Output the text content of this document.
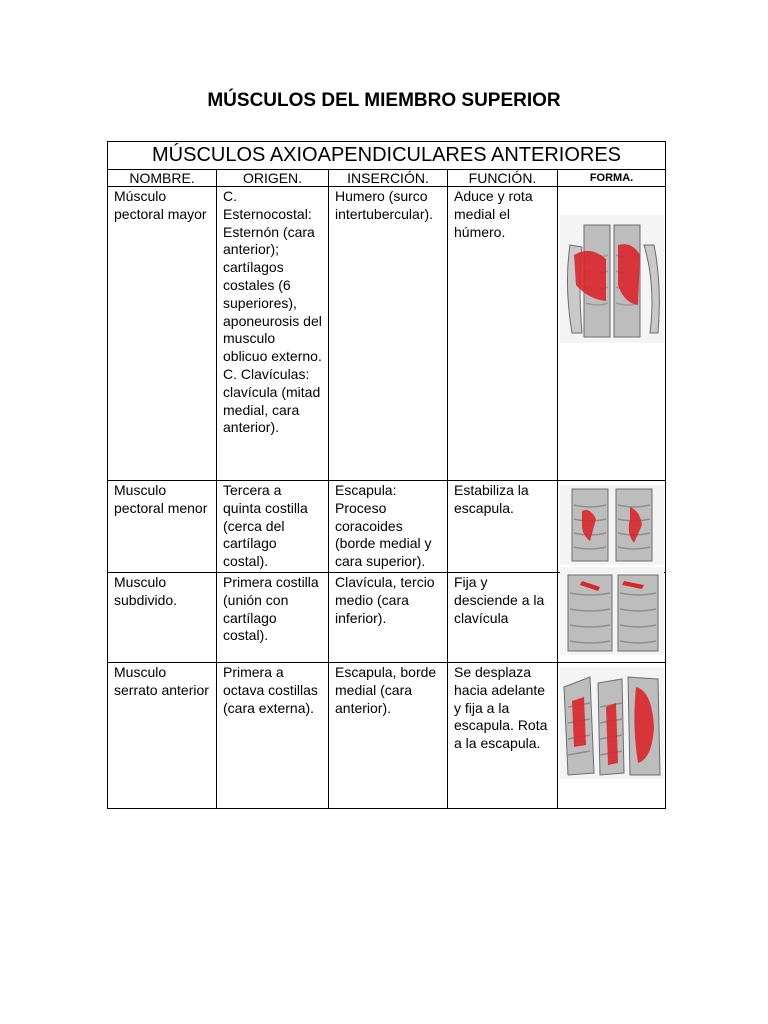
MÚSCULOS DEL MIEMBRO SUPERIOR
MÚSCULOS AXIOAPENDICULARES ANTERIORES				
NOMBRE.	ORIGEN.	INSERCIÓN.	FUNCIÓN.	FORMA.
Músculo pectoral mayor	C. Esternocostal: Esternón (cara anterior); cartílagos costales (6 superiores), aponeurosis del musculo oblicuo externo. C. Clavículas: clavícula (mitad medial, cara anterior).	Humero (surco intertubercular).	Aduce y rota medial el húmero.	

Musculo pectoral menor	Tercera a quinta costilla (cerca del cartílago costal).	Escapula: Proceso coracoides (borde medial y cara superior).	Estabiliza la escapula.	

Musculo subdivido.	Primera costilla (unión con cartílago costal).	Clavícula, tercio medio (cara inferior).	Fija y desciende a la clavícula	

Musculo serrato anterior	Primera a octava costillas (cara externa).	Escapula, borde medial (cara anterior).	Se desplaza hacia adelante y fija a la escapula. Rota a la escapula.	
